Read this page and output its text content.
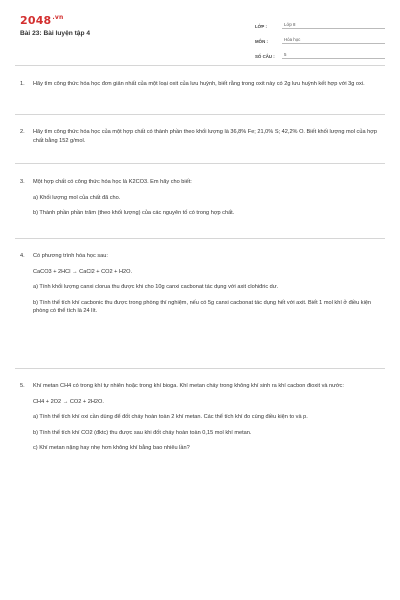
$2048^{.vn}$
Bài 23: Bài luyện tập 4
LỚP :	Lớp 8
MÔN :	Hóa học
SỐ CÂU :	5
1. Hãy tìm công thức hóa học đơn giản nhất của một loại oxit của lưu huỳnh, biết rằng trong oxit này có 2g lưu huỳnh kết hợp với 3g oxi.

2. Hãy tìm công thức hóa học của một hợp chất có thành phần theo khối lượng là 36,8% Fe; 21,0% S; 42,2% O. Biết khối lượng mol của hợp chất bằng 152 g/mol.

3. Một hợp chất có công thức hóa học là K2CO3. Em hãy cho biết:

a) Khối lượng mol của chất đã cho.

b) Thành phần phần trăm (theo khối lượng) của các nguyên tố có trong hợp chất.

4. Có phương trình hóa học sau:

CaCO3 + 2HCl → CaCl2 + CO2 + H2O.

a) Tính khối lượng canxi clorua thu được khi cho 10g canxi cacbonat tác dụng với axit clohiđric dư.

b) Tính thể tích khí cacbonic thu được trong phòng thí nghiệm, nếu có 5g canxi cacbonat tác dụng hết với axit. Biết 1 mol khí ở điều kiện phòng có thể tích là 24 lít.

5. Khí metan CH4 có trong khí tự nhiên hoặc trong khí biogа. Khí metan cháy trong không khí sinh ra khí cacbon đioxit và nước:

CH4 + 2O2 → CO2 + 2H2O.

a) Tính thể tích khí oxi cần dùng để đốt cháy hoàn toàn 2 khí metan. Các thể tích khí đo cùng điều kiện to và p.

b) Tính thể tích khí CO2 (đktc) thu được sau khi đốt cháy hoàn toàn 0,15 mol khí metan.

c) Khí metan nặng hay nhẹ hơn không khí bằng bao nhiêu lần?
